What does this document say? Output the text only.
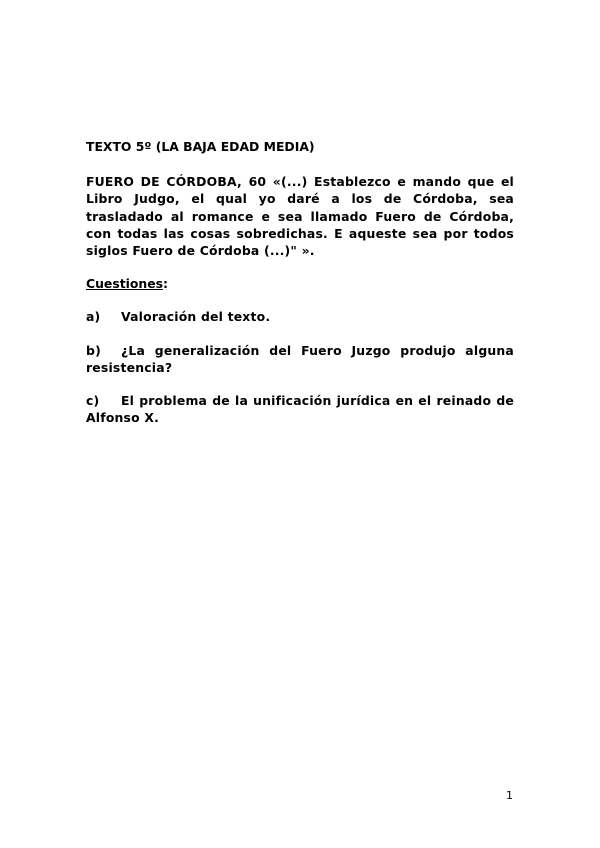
TEXTO 5º (LA BAJA EDAD MEDIA)
FUERO DE CÓRDOBA, 60 «(...) Establezco e mando que el Libro Judgo, el qual yo daré a los de Córdoba, sea trasladado al romance e sea llamado Fuero de Córdoba, con todas las cosas sobredichas. E aqueste sea por todos siglos Fuero de Córdoba (...)" ».
Cuestiones:
a) Valoración del texto.
b) ¿La generalización del Fuero Juzgo produjo alguna resistencia?
c) El problema de la unificación jurídica en el reinado de Alfonso X.
1
